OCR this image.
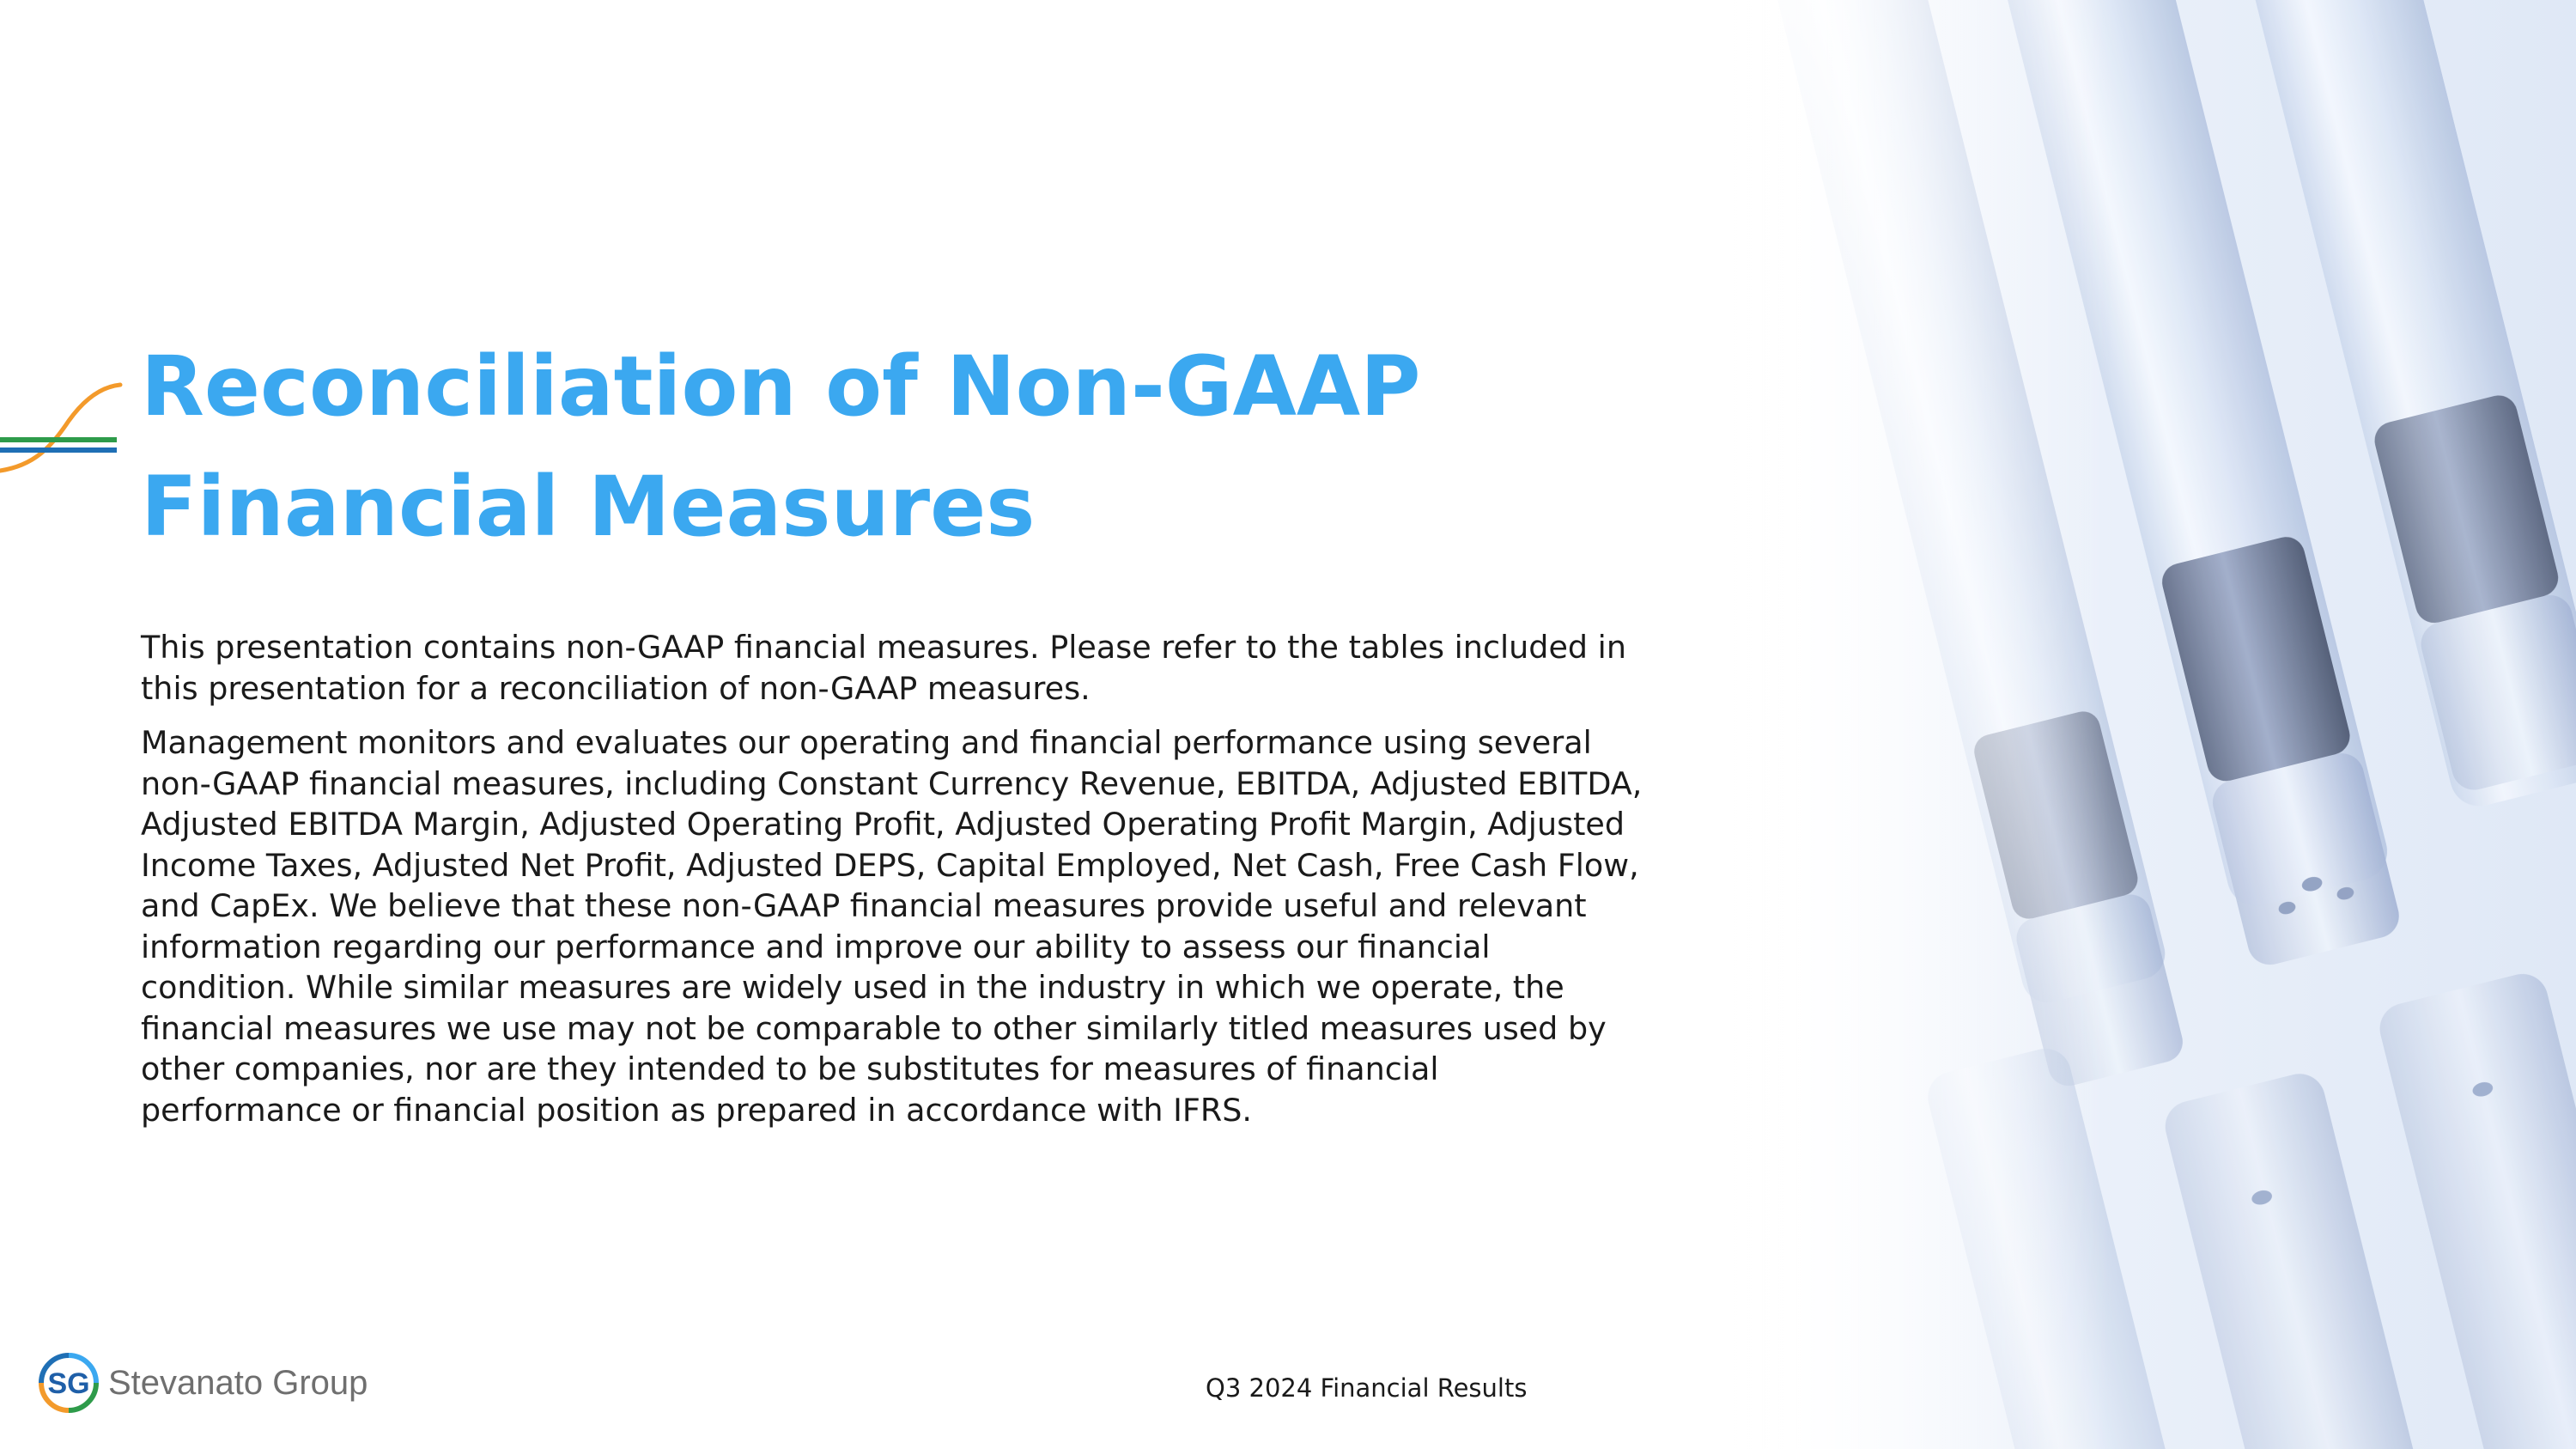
Reconciliation of Non-GAAP
Financial Measures

This presentation contains non-GAAP financial measures. Please refer to the tables included in this presentation for a reconciliation of non-GAAP measures.

Management monitors and evaluates our operating and financial performance using several non-GAAP financial measures, including Constant Currency Revenue, EBITDA, Adjusted EBITDA, Adjusted EBITDA Margin, Adjusted Operating Profit, Adjusted Operating Profit Margin, Adjusted Income Taxes, Adjusted Net Profit, Adjusted DEPS, Capital Employed, Net Cash, Free Cash Flow, and CapEx. We believe that these non-GAAP financial measures provide useful and relevant information regarding our performance and improve our ability to assess our financial condition. While similar measures are widely used in the industry in which we operate, the financial measures we use may not be comparable to other similarly titled measures used by other companies, nor are they intended to be substitutes for measures of financial performance or financial position as prepared in accordance with IFRS.

SG Stevanato Group	Q3 2024 Financial Results
